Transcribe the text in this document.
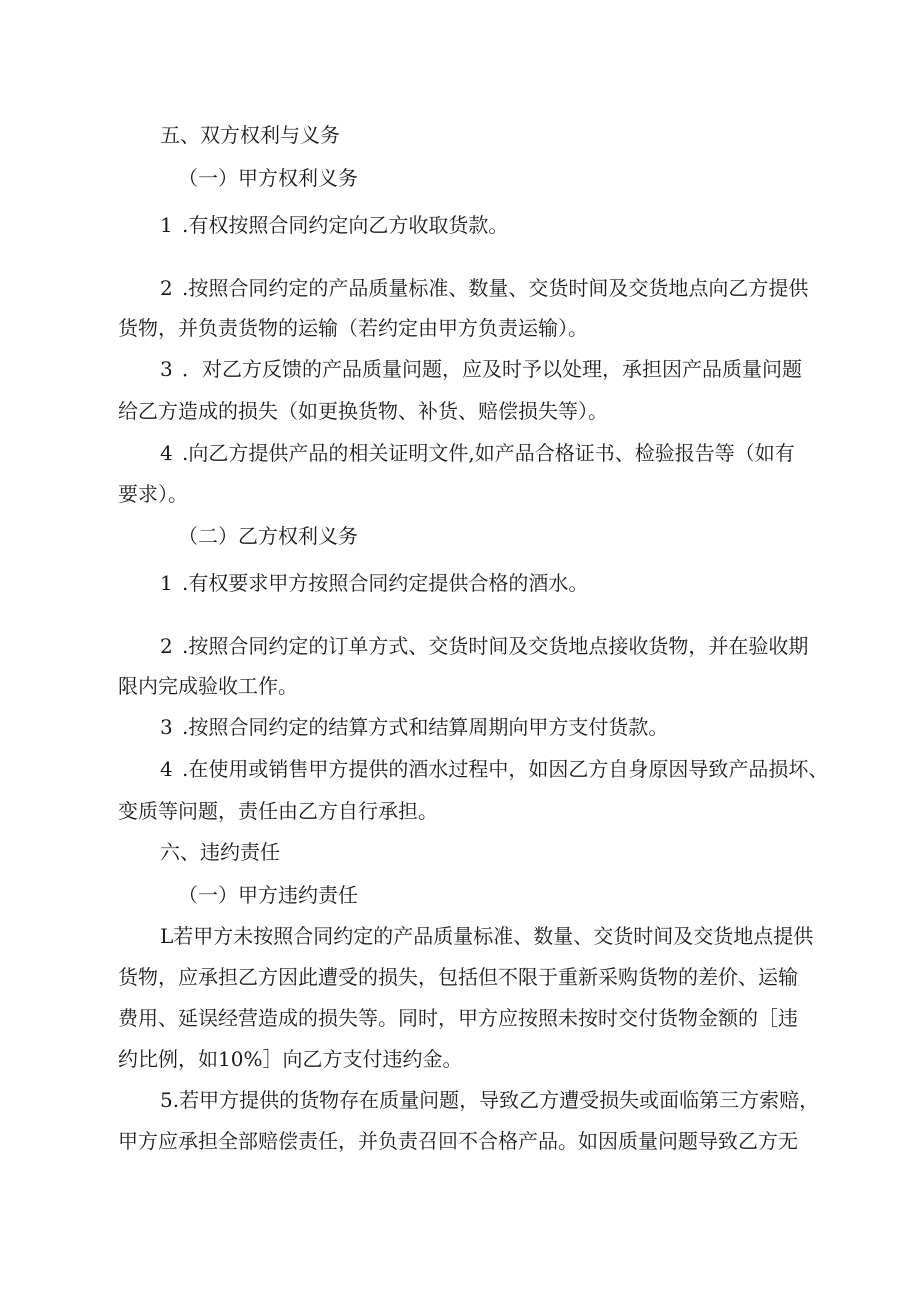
五、双方权利与义务
（一）甲方权利义务
1 .有权按照合同约定向乙方收取货款。
2 .按照合同约定的产品质量标准、数量、交货时间及交货地点向乙方提供
货物，并负责货物的运输（若约定由甲方负责运输）。
3 ．对乙方反馈的产品质量问题，应及时予以处理，承担因产品质量问题
给乙方造成的损失（如更换货物、补货、赔偿损失等）。
4 .向乙方提供产品的相关证明文件,如产品合格证书、检验报告等（如有
要求）。
（二）乙方权利义务
1 .有权要求甲方按照合同约定提供合格的酒水。
2 .按照合同约定的订单方式、交货时间及交货地点接收货物，并在验收期
限内完成验收工作。
3 .按照合同约定的结算方式和结算周期向甲方支付货款。
4 .在使用或销售甲方提供的酒水过程中，如因乙方自身原因导致产品损坏、
变质等问题，责任由乙方自行承担。
六、违约责任
（一）甲方违约责任
L若甲方未按照合同约定的产品质量标准、数量、交货时间及交货地点提供
货物，应承担乙方因此遭受的损失，包括但不限于重新采购货物的差价、运输
费用、延误经营造成的损失等。同时，甲方应按照未按时交付货物金额的［违
约比例，如10%］向乙方支付违约金。
5.若甲方提供的货物存在质量问题，导致乙方遭受损失或面临第三方索赔，
甲方应承担全部赔偿责任，并负责召回不合格产品。如因质量问题导致乙方无
